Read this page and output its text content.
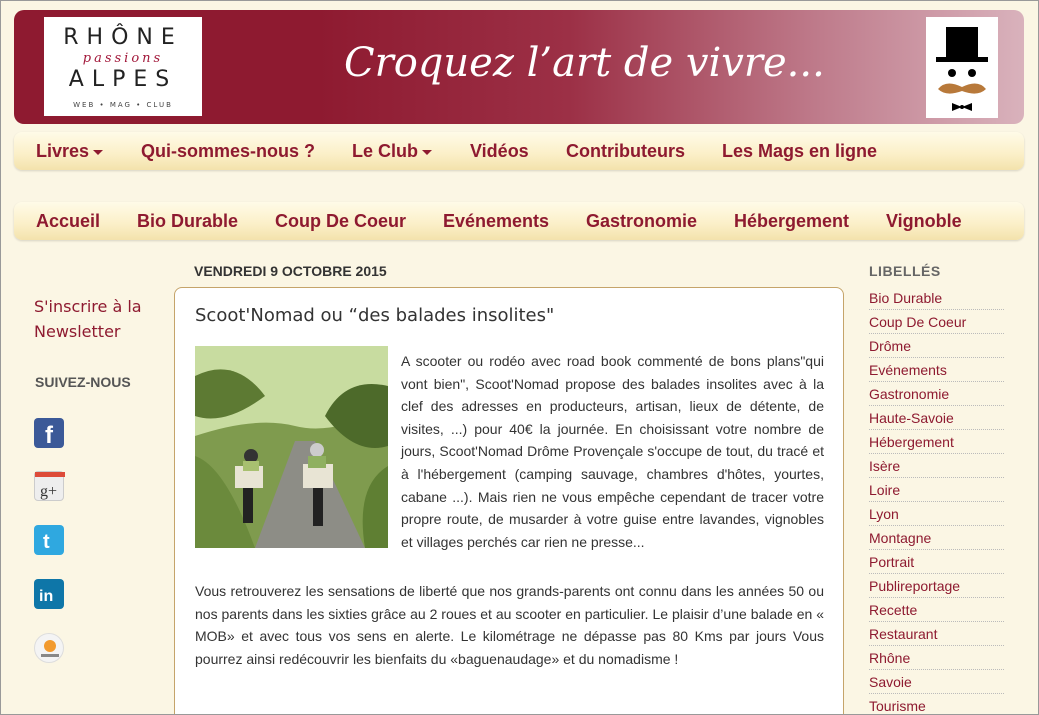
RHÔNE
passions
ALPES
WEB • MAG • CLUB
Croquez l’art de vivre...
Livres	Qui-sommes-nous ? Le Club	Vidéos Contributeurs Les Mags en ligne
Accueil Bio Durable Coup De Coeur Evénements Gastronomie Hébergement Vignoble
S'inscrire à la Newsletter
SUIVEZ-NOUS
f
g+
t
in
VENDREDI 9 OCTOBRE 2015
Scoot'Nomad ou “des balades insolites"
A scooter ou rodéo avec road book commenté de bons plans"qui vont bien", Scoot'Nomad propose des balades insolites avec à la clef des adresses en producteurs, artisan, lieux de détente, de visites, ...) pour 40€ la journée. En choisissant votre nombre de jours, Scoot'Nomad Drôme Provençale s'occupe de tout, du tracé et à l'hébergement (camping sauvage, chambres d'hôtes, yourtes, cabane ...). Mais rien ne vous empêche cependant de tracer votre propre route, de musarder à votre guise entre lavandes, vignobles et villages perchés car rien ne presse...
Vous retrouverez les sensations de liberté que nos grands-parents ont connu dans les années 50 ou nos parents dans les sixties grâce au 2 roues et au scooter en particulier. Le plaisir d’une balade en « MOB» et avec tous vos sens en alerte. Le kilométrage ne dépasse pas 80 Kms par jours Vous pourrez ainsi redécouvrir les bienfaits du «baguenaudage» et du nomadisme !
LIBELLÉS
Bio Durable
Coup De Coeur
Drôme
Evénements
Gastronomie
Haute-Savoie
Hébergement
Isère
Loire
Lyon
Montagne
Portrait
Publireportage
Recette
Restaurant
Rhône
Savoie
Tourisme
